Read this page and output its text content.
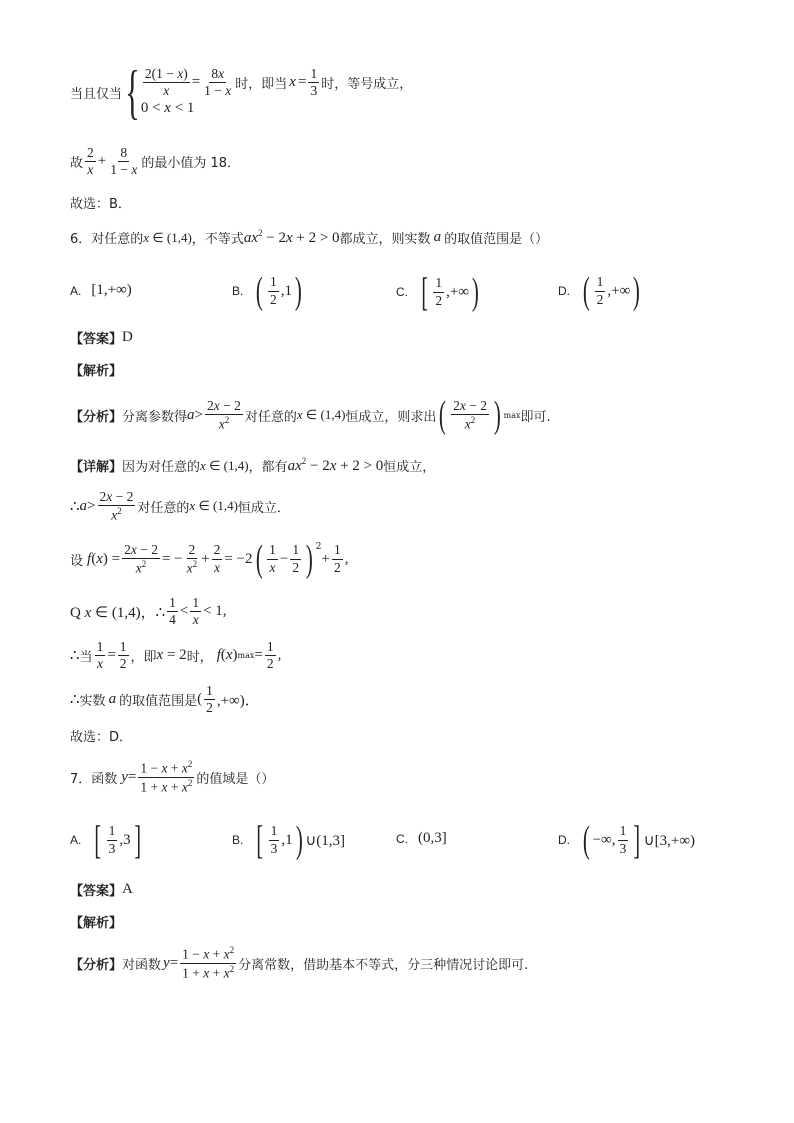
当且仅当 { $\frac{2(1 - x)}{x} = \frac{8x}{1 - x}$ 时，即当 $x = \frac{1}{3}$ 时，等号成立，
0 < x < 1
故 $\frac{2}{x} + \frac{8}{1 - x}$ 的最小值为 18．
故选：B．
6．对任意的 x ∈ (1,4) ，不等式 $ax^2 - 2x + 2 > 0$ 都成立，则实数 a 的取值范围是（）
A. [1,+∞)	B. ( $\frac{1}{2} ,1$ )	C. [ $\frac{1}{2}$ ,+∞ )	D. ( $\frac{1}{2}$ ,+∞ )
【答案】 D
【解析】
【分析】 分离参数得 $a > \frac{2x - 2}{x^2}$ 对任意的 x ∈ (1,4) 恒成立，则求出 ( $\frac{2x - 2}{x^2}$ ) max 即可.
【详解】 因为对任意的 x ∈ (1,4) ，都有 $ax^2 - 2x + 2 > 0$ 恒成立，
∴ $a > \frac{2x - 2}{x^2}$ 对任意的 x ∈ (1,4) 恒成立．
设 f $(x) = \frac{2x - 2}{x^2}$ = − $\frac{2}{x^2} + \frac{2}{x} = -2$ ( $\frac{1}{x} - \frac{1}{2}$ ) $^2$
+ $\frac{1}{2}$ ,
Q x ∈ (1,4)，∴ $\frac{1}{4} < \frac{1}{x} < 1$,
∴ 当 $\frac{1}{x} = \frac{1}{2}$ ，即 x = 2 时， f (x) $\max = \frac{1}{2}$ ,
∴ 实数 a 的取值范围是 ( $\frac{1}{2}$ ,+∞)．
故选：D．
7．函数 $y = \frac{1 - x + x^2}{1 + x + x^2}$ 的值域是（）
A. [ $\frac{1}{3} ,3$ ]	B. [ $\frac{1}{3} ,1$ ) ∪(1,3]	C. (0,3]	D. ( −∞, $\frac{1}{3}$ ] ∪[3,+∞)
【答案】 A
【解析】
【分析】 对函数 $y = \frac{1 - x + x^2}{1 + x + x^2}$ 分离常数，借助基本不等式，分三种情况讨论即可.
